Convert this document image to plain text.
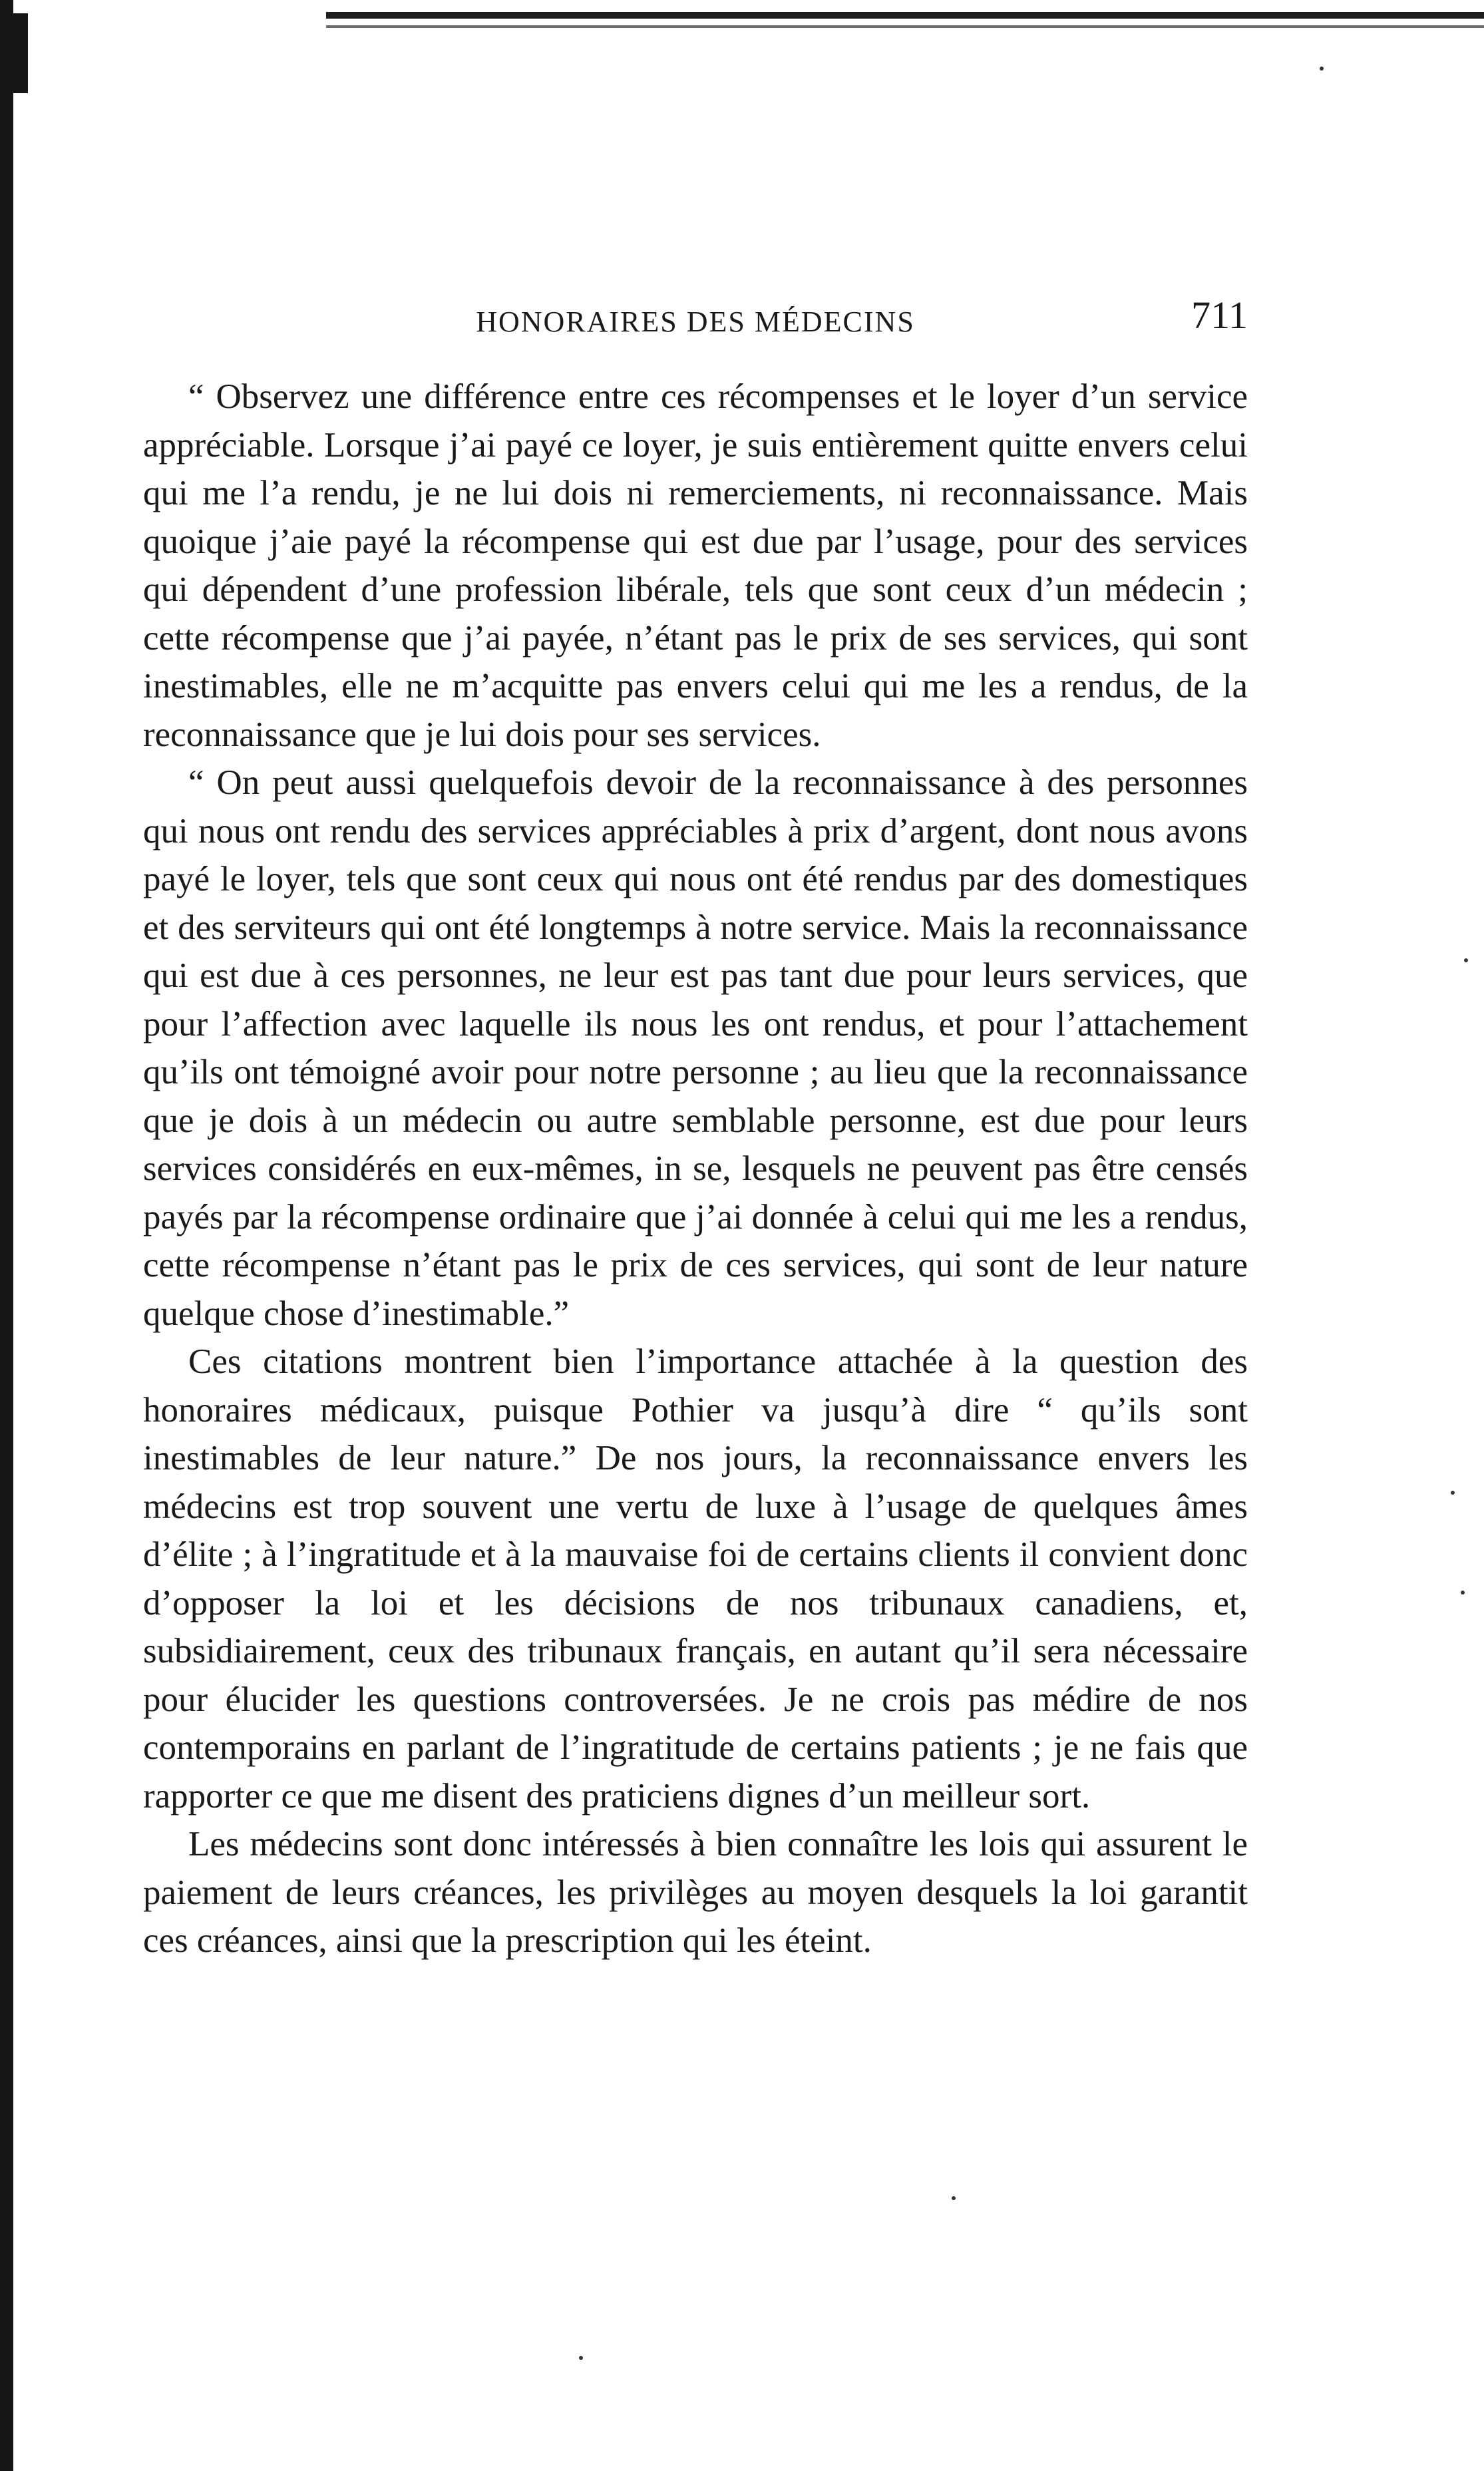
HONORAIRES DES MÉDECINS	711

“ Observez une différence entre ces récompenses et le loyer d’un service appréciable. Lorsque j’ai payé ce loyer, je suis entièrement quitte envers celui qui me l’a rendu, je ne lui dois ni remerciements, ni reconnaissance. Mais quoique j’aie payé la récompense qui est due par l’usage, pour des services qui dépendent d’une profession libérale, tels que sont ceux d’un médecin ; cette récompense que j’ai payée, n’étant pas le prix de ses services, qui sont inestimables, elle ne m’acquitte pas envers celui qui me les a rendus, de la reconnaissance que je lui dois pour ses services.

“ On peut aussi quelquefois devoir de la reconnaissance à des personnes qui nous ont rendu des services appréciables à prix d’argent, dont nous avons payé le loyer, tels que sont ceux qui nous ont été rendus par des domestiques et des serviteurs qui ont été longtemps à notre service. Mais la reconnaissance qui est due à ces personnes, ne leur est pas tant due pour leurs services, que pour l’affection avec laquelle ils nous les ont rendus, et pour l’attachement qu’ils ont témoigné avoir pour notre personne ; au lieu que la reconnaissance que je dois à un médecin ou autre semblable personne, est due pour leurs services considérés en eux-mêmes, in se, lesquels ne peuvent pas être censés payés par la récompense ordinaire que j’ai donnée à celui qui me les a rendus, cette récompense n’étant pas le prix de ces services, qui sont de leur nature quelque chose d’inestimable.”

Ces citations montrent bien l’importance attachée à la question des honoraires médicaux, puisque Pothier va jusqu’à dire “ qu’ils sont inestimables de leur nature.” De nos jours, la reconnaissance envers les médecins est trop souvent une vertu de luxe à l’usage de quelques âmes d’élite ; à l’ingratitude et à la mauvaise foi de certains clients il convient donc d’opposer la loi et les décisions de nos tribunaux canadiens, et, subsidiairement, ceux des tribunaux français, en autant qu’il sera nécessaire pour élucider les questions controversées. Je ne crois pas médire de nos contemporains en parlant de l’ingratitude de certains patients ; je ne fais que rapporter ce que me disent des praticiens dignes d’un meilleur sort.

Les médecins sont donc intéressés à bien connaître les lois qui assurent le paiement de leurs créances, les privilèges au moyen desquels la loi garantit ces créances, ainsi que la prescription qui les éteint.
